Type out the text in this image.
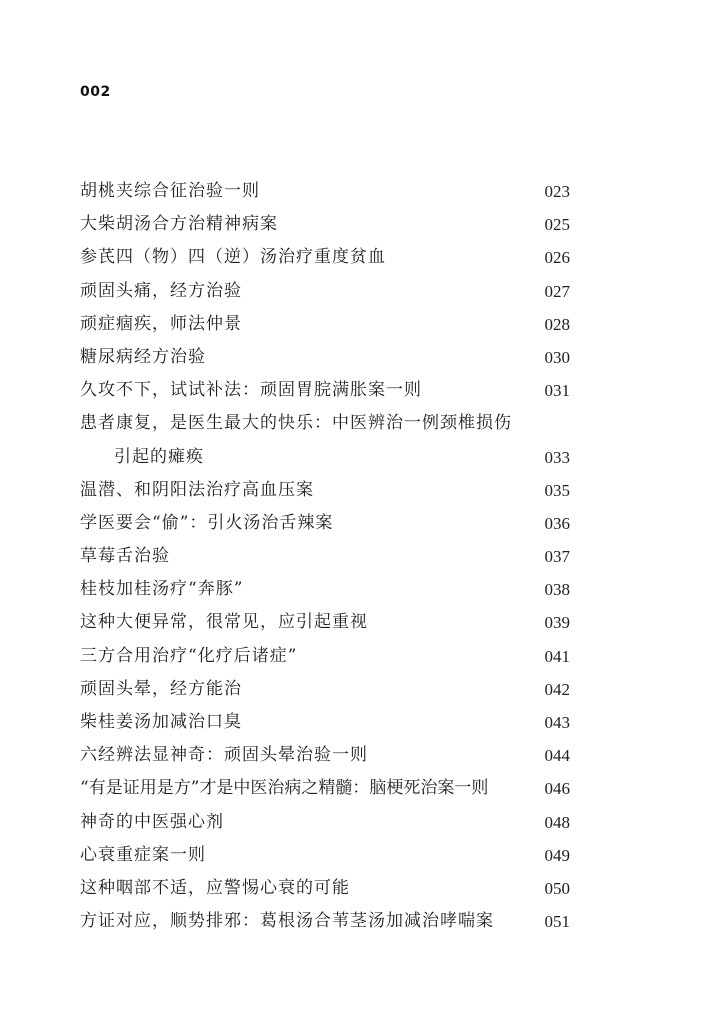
002
胡桃夹综合征治验一则	023
大柴胡汤合方治精神病案	025
参芪四（物）四（逆）汤治疗重度贫血	026
顽固头痛，经方治验	027
顽症痼疾，师法仲景	028
糖尿病经方治验	030
久攻不下，试试补法：顽固胃脘满胀案一则	031
患者康复，是医生最大的快乐：中医辨治一例颈椎损伤
引起的瘫痪	033
温潜、和阴阳法治疗高血压案	035
学医要会“偷”：引火汤治舌辣案	036
草莓舌治验	037
桂枝加桂汤疗“奔豚”	038
这种大便异常，很常见，应引起重视	039
三方合用治疗“化疗后诸症”	041
顽固头晕，经方能治	042
柴桂姜汤加减治口臭	043
六经辨法显神奇：顽固头晕治验一则	044
“有是证用是方”才是中医治病之精髓：脑梗死治案一则	046
神奇的中医强心剂	048
心衰重症案一则	049
这种咽部不适，应警惕心衰的可能	050
方证对应，顺势排邪：葛根汤合苇茎汤加减治哮喘案	051
